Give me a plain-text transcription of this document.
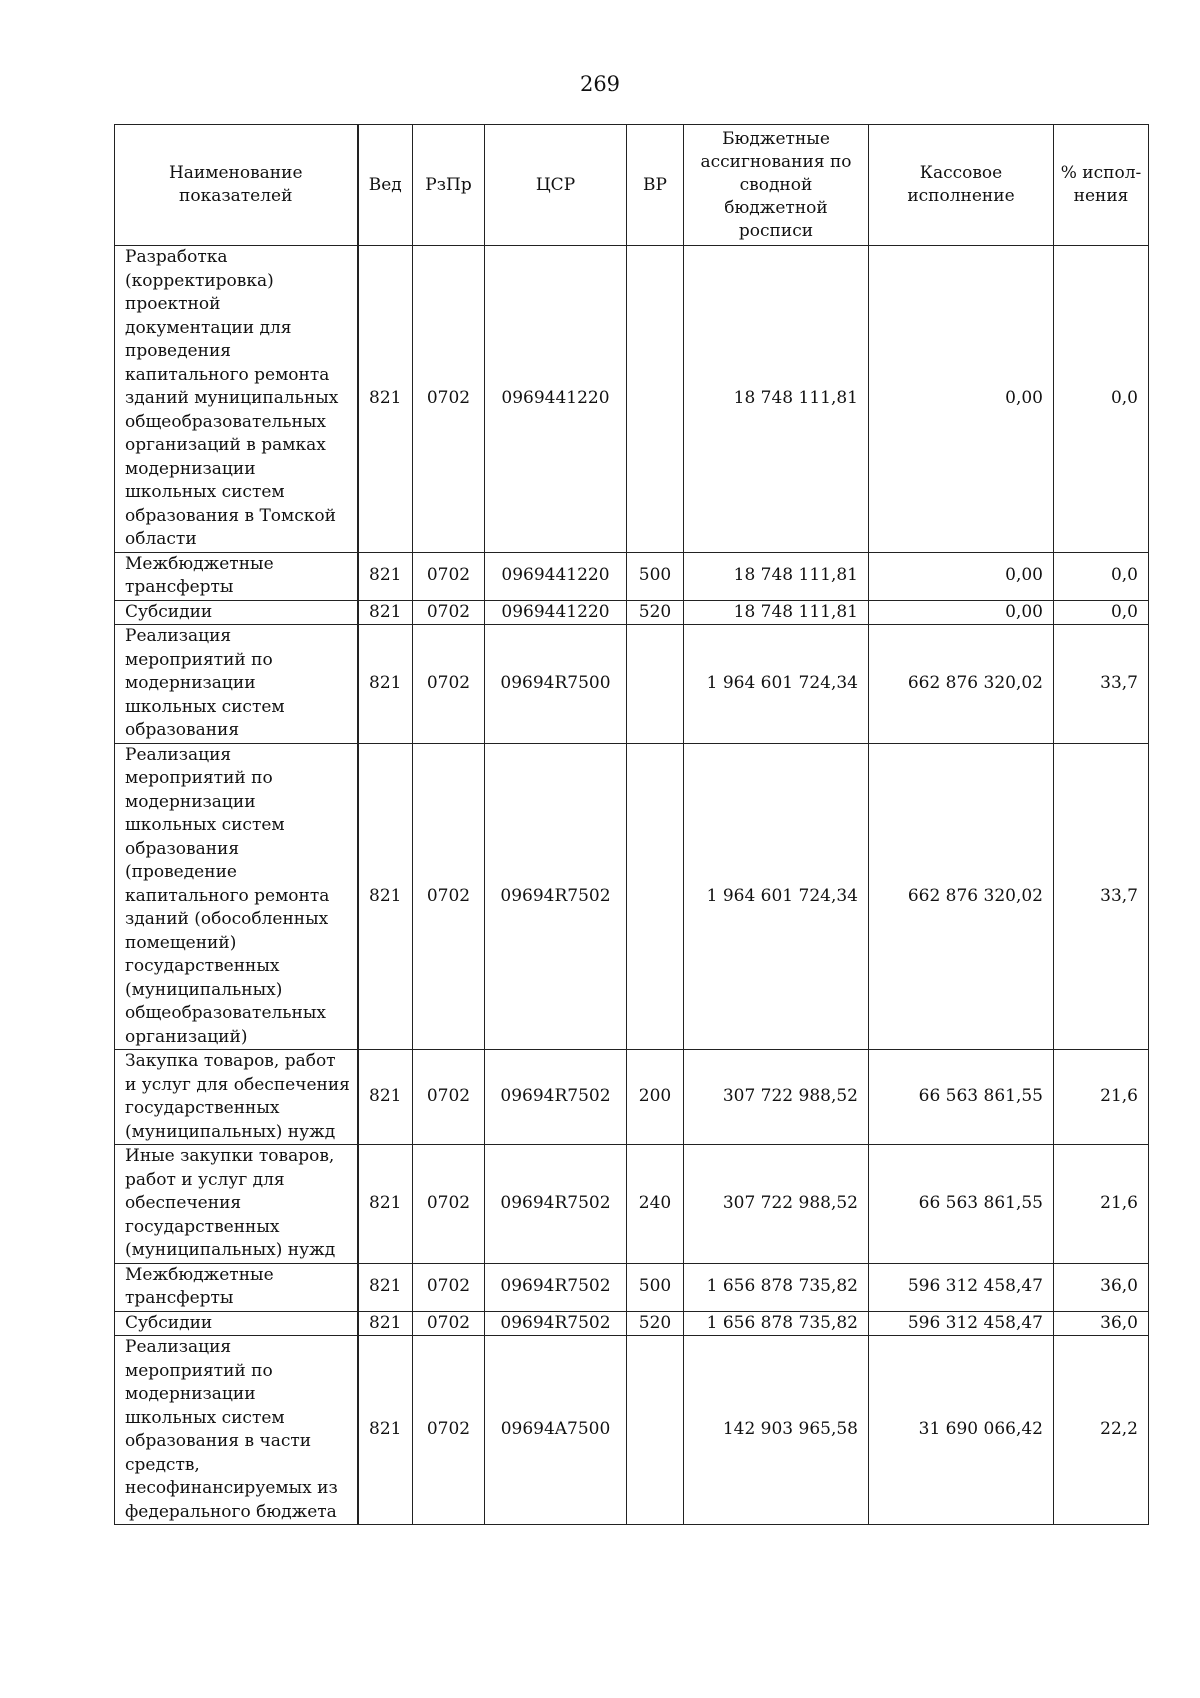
269
Наименование показателей	Вед	РзПр	ЦСР	ВР	Бюджетные ассигнования по сводной бюджетной росписи	Кассовое исполнение	% испол-нения
Разработка (корректировка) проектной документации для проведения капитального ремонта зданий муниципальных общеобразовательных организаций в рамках модернизации школьных систем образования в Томской области	821	0702	0969441220		18 748 111,81	0,00	0,0
Межбюджетные трансферты	821	0702	0969441220	500	18 748 111,81	0,00	0,0
Субсидии	821	0702	0969441220	520	18 748 111,81	0,00	0,0
Реализация мероприятий по модернизации школьных систем образования	821	0702	09694R7500		1 964 601 724,34	662 876 320,02	33,7
Реализация мероприятий по модернизации школьных систем образования (проведение капитального ремонта зданий (обособленных помещений) государственных (муниципальных) общеобразовательных организаций)	821	0702	09694R7502		1 964 601 724,34	662 876 320,02	33,7
Закупка товаров, работ и услуг для обеспечения государственных (муниципальных) нужд	821	0702	09694R7502	200	307 722 988,52	66 563 861,55	21,6
Иные закупки товаров, работ и услуг для обеспечения государственных (муниципальных) нужд	821	0702	09694R7502	240	307 722 988,52	66 563 861,55	21,6
Межбюджетные трансферты	821	0702	09694R7502	500	1 656 878 735,82	596 312 458,47	36,0
Субсидии	821	0702	09694R7502	520	1 656 878 735,82	596 312 458,47	36,0
Реализация мероприятий по модернизации школьных систем образования в части средств, несофинансируемых из федерального бюджета	821	0702	09694A7500		142 903 965,58	31 690 066,42	22,2
